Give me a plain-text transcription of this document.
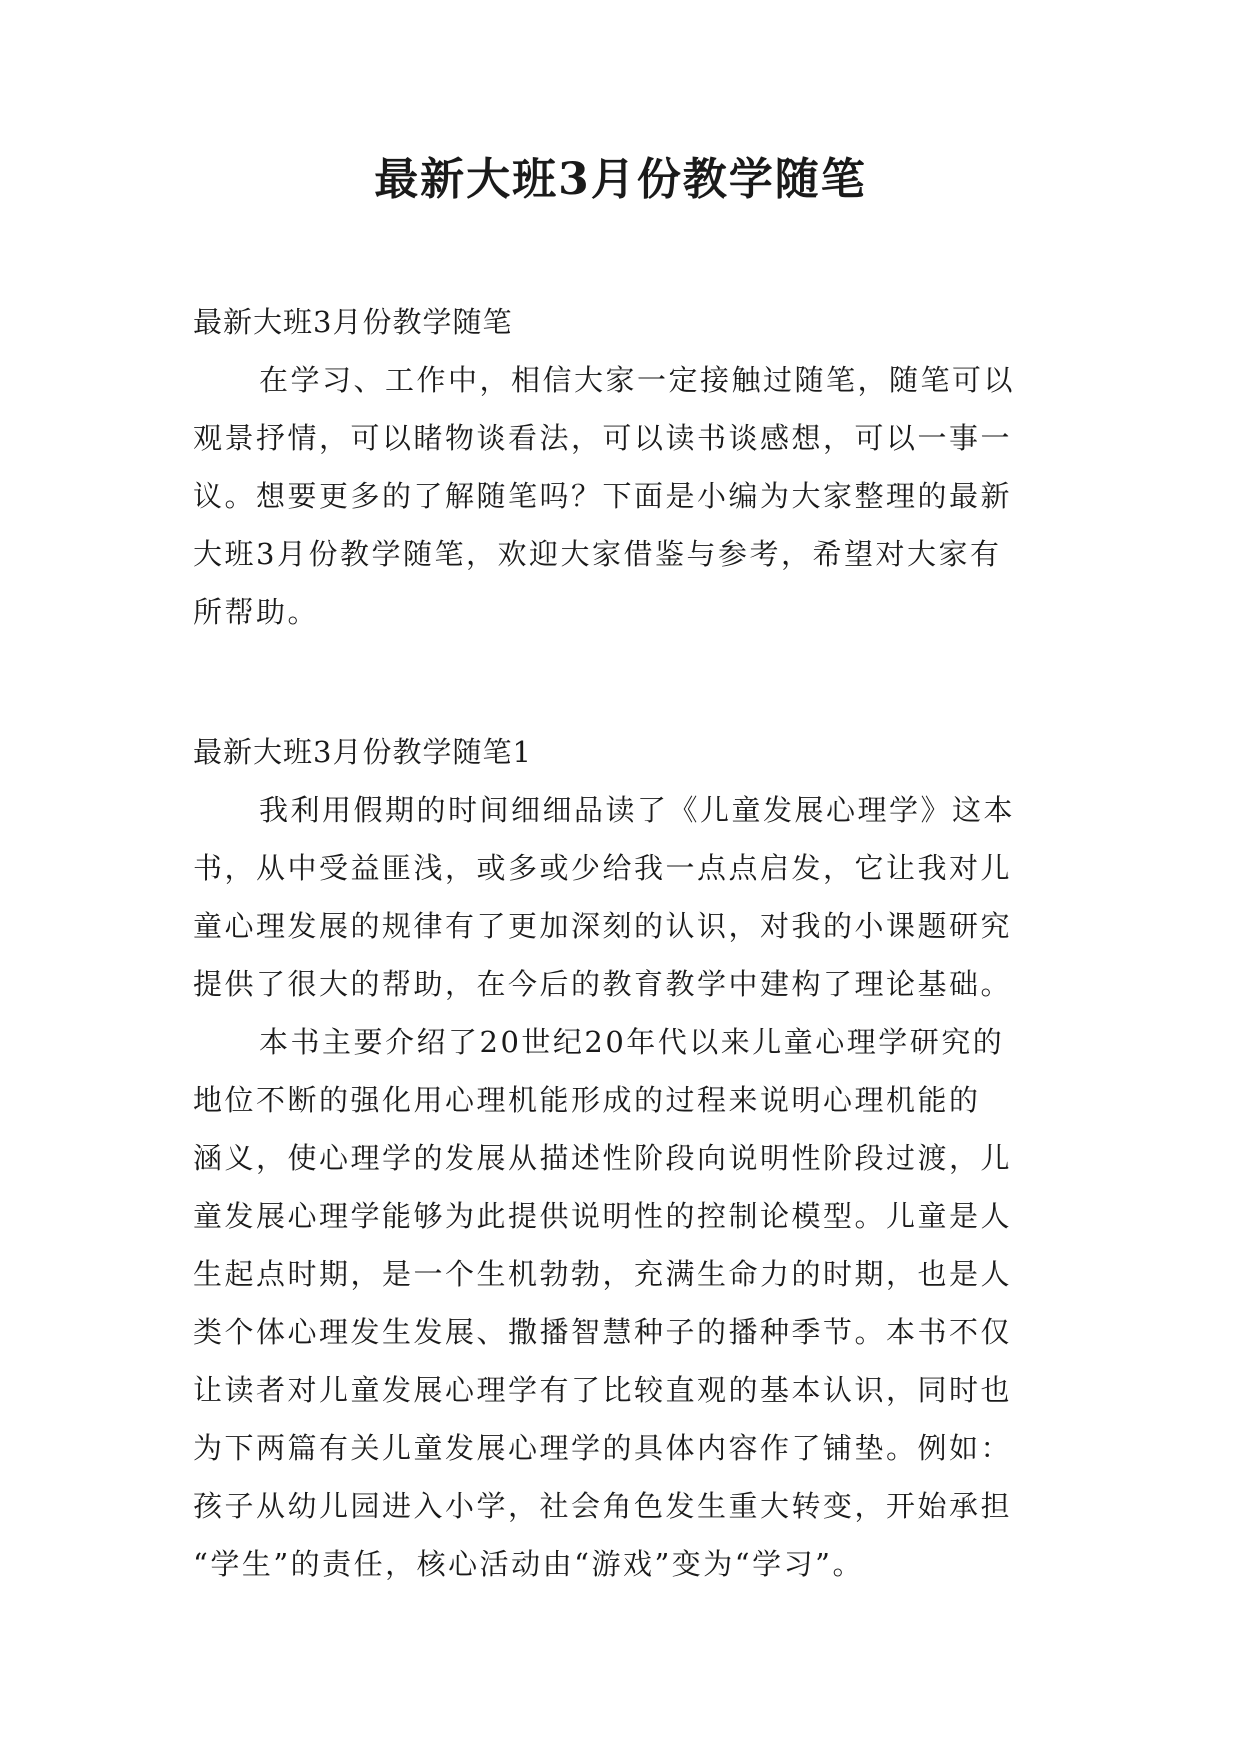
最新大班3月份教学随笔
最新大班3月份教学随笔
在学习、工作中，相信大家一定接触过随笔，随笔可以
观景抒情，可以睹物谈看法，可以读书谈感想，可以一事一
议。想要更多的了解随笔吗？下面是小编为大家整理的最新
大班3月份教学随笔，欢迎大家借鉴与参考，希望对大家有
所帮助。
最新大班3月份教学随笔1
我利用假期的时间细细品读了《儿童发展心理学》这本
书，从中受益匪浅，或多或少给我一点点启发，它让我对儿
童心理发展的规律有了更加深刻的认识，对我的小课题研究
提供了很大的帮助，在今后的教育教学中建构了理论基础。
本书主要介绍了20世纪20年代以来儿童心理学研究的
地位不断的强化用心理机能形成的过程来说明心理机能的
涵义，使心理学的发展从描述性阶段向说明性阶段过渡，儿
童发展心理学能够为此提供说明性的控制论模型。儿童是人
生起点时期，是一个生机勃勃，充满生命力的时期，也是人
类个体心理发生发展、撒播智慧种子的播种季节。本书不仅
让读者对儿童发展心理学有了比较直观的基本认识，同时也
为下两篇有关儿童发展心理学的具体内容作了铺垫。例如：
孩子从幼儿园进入小学，社会角色发生重大转变，开始承担
“学生”的责任，核心活动由“游戏”变为“学习”。
